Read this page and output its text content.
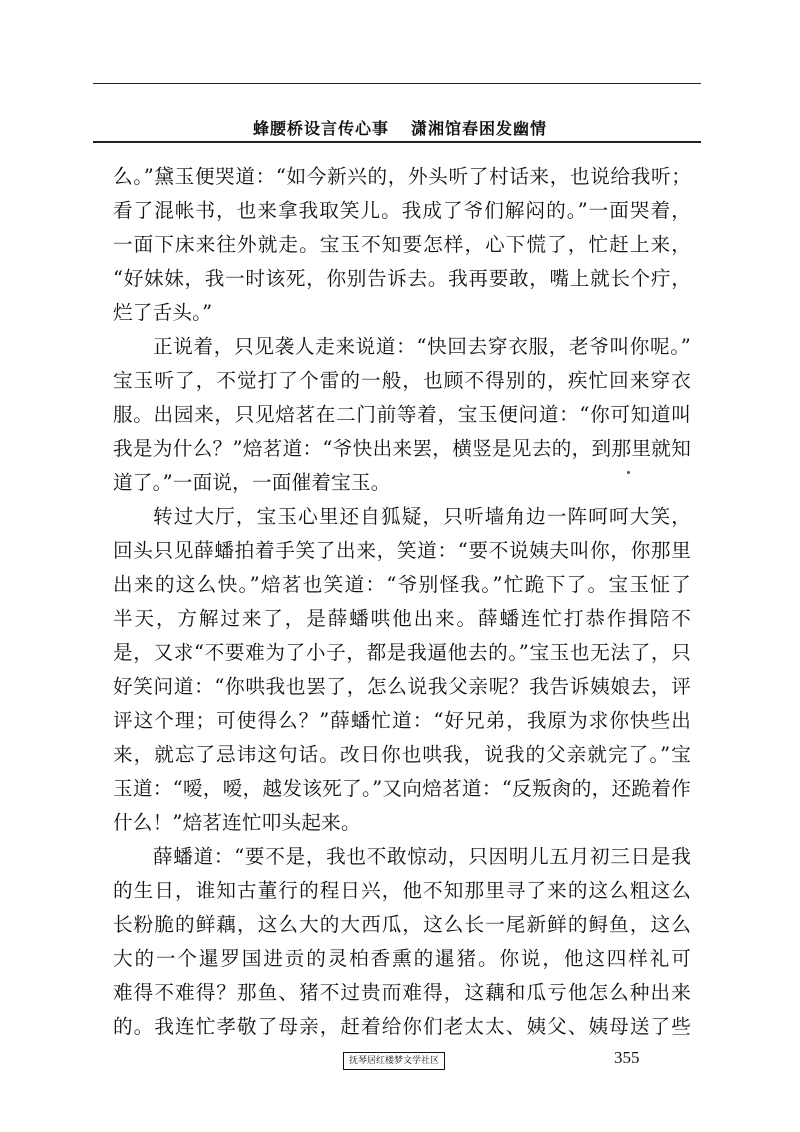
蜂腰桥设言传心事 潇湘馆春困发幽情
么。”黛玉便哭道：“如今新兴的，外头听了村话来，也说给我听；
看了混帐书，也来拿我取笑儿。我成了爷们解闷的。”一面哭着，
一面下床来往外就走。宝玉不知要怎样，心下慌了，忙赶上来，
“好妹妹，我一时该死，你别告诉去。我再要敢，嘴上就长个疔，
烂了舌头。”
正说着，只见袭人走来说道：“快回去穿衣服，老爷叫你呢。”
宝玉听了，不觉打了个雷的一般，也顾不得别的，疾忙回来穿衣
服。出园来，只见焙茗在二门前等着，宝玉便问道：“你可知道叫
我是为什么？”焙茗道：“爷快出来罢，横竖是见去的，到那里就知
道了。”一面说，一面催着宝玉。
转过大厅，宝玉心里还自狐疑，只听墙角边一阵呵呵大笑，
回头只见薛蟠拍着手笑了出来，笑道：“要不说姨夫叫你，你那里
出来的这么快。”焙茗也笑道：“爷别怪我。”忙跪下了。宝玉怔了
半天，方解过来了，是薛蟠哄他出来。薛蟠连忙打恭作揖陪不
是，又求“不要难为了小子，都是我逼他去的。”宝玉也无法了，只
好笑问道：“你哄我也罢了，怎么说我父亲呢？我告诉姨娘去，评
评这个理；可使得么？”薛蟠忙道：“好兄弟，我原为求你快些出
来，就忘了忌讳这句话。改日你也哄我，说我的父亲就完了。”宝
玉道：“嗳，嗳，越发该死了。”又向焙茗道：“反叛肏的，还跪着作
什么！”焙茗连忙叩头起来。
薛蟠道：“要不是，我也不敢惊动，只因明儿五月初三日是我
的生日，谁知古董行的程日兴，他不知那里寻了来的这么粗这么
长粉脆的鲜藕，这么大的大西瓜，这么长一尾新鲜的鲟鱼，这么
大的一个暹罗国进贡的灵柏香熏的暹猪。你说，他这四样礼可
难得不难得？那鱼、猪不过贵而难得，这藕和瓜亏他怎么种出来
的。我连忙孝敬了母亲，赶着给你们老太太、姨父、姨母送了些
抚琴居红楼梦文学社区	355
